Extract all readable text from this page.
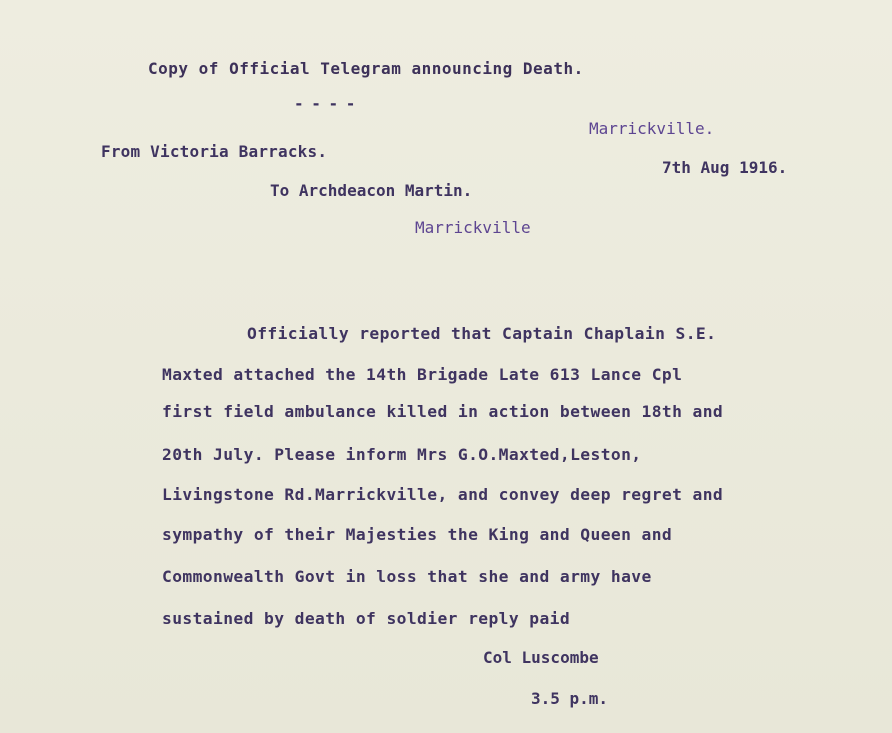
Copy of Official Telegram announcing Death.

- - - -

Marrickville.

From Victoria Barracks.

7th Aug 1916.

To Archdeacon Martin.

Marrickville

Officially reported that Captain Chaplain S.E.

Maxted attached the 14th Brigade Late 613 Lance Cpl

first field ambulance killed in action between 18th and

20th July. Please inform Mrs G.O.Maxted,Leston,

Livingstone Rd.Marrickville, and convey deep regret and

sympathy of their Majesties the King and Queen and

Commonwealth Govt in loss that she and army have

sustained by death of soldier reply paid

Col Luscombe

3.5 p.m.
